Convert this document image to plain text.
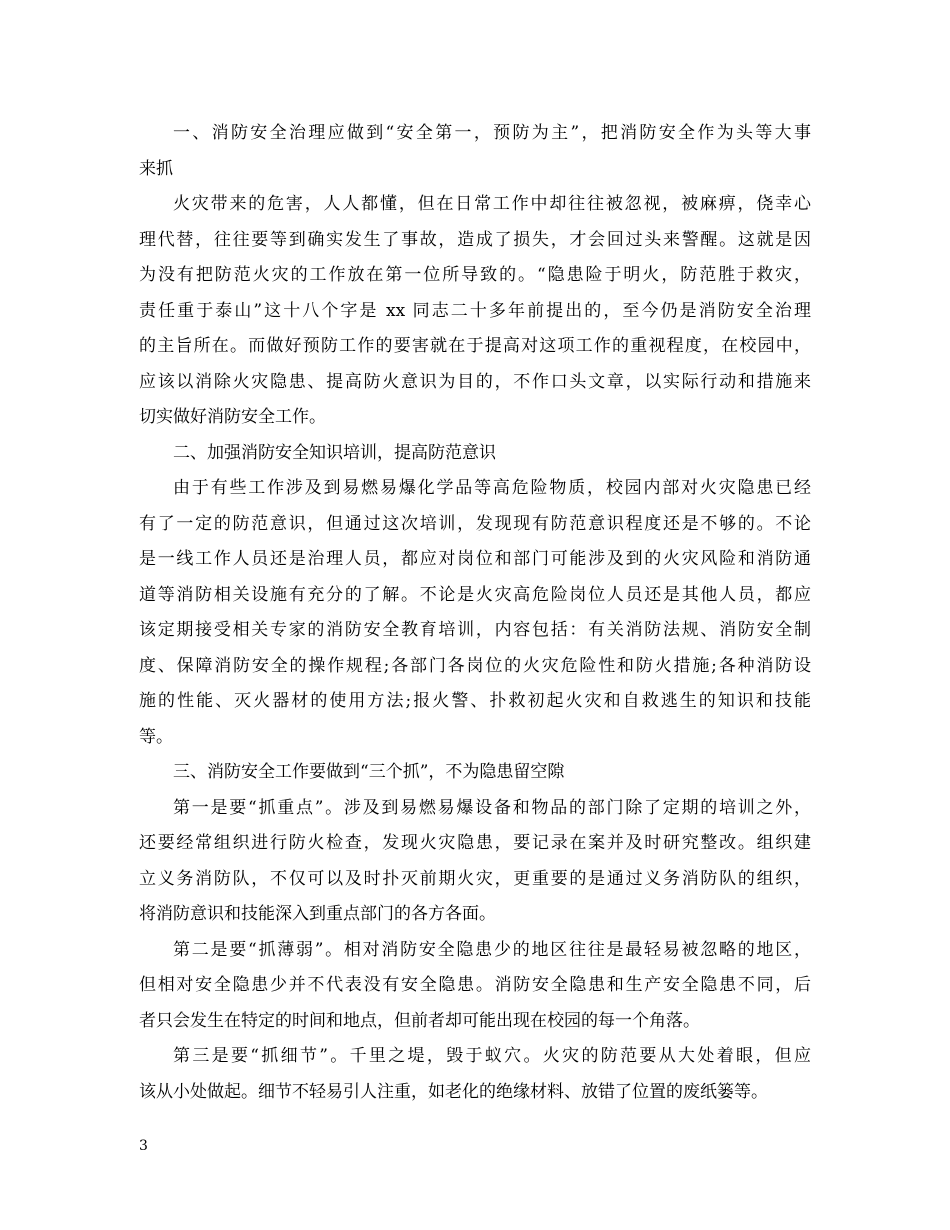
一、消防安全治理应做到“安全第一，预防为主”，把消防安全作为头等大事
来抓
火灾带来的危害，人人都懂，但在日常工作中却往往被忽视，被麻痹，侥幸心
理代替，往往要等到确实发生了事故，造成了损失，才会回过头来警醒。这就是因
为没有把防范火灾的工作放在第一位所导致的。“隐患险于明火，防范胜于救灾，
责任重于泰山”这十八个字是 xx 同志二十多年前提出的，至今仍是消防安全治理
的主旨所在。而做好预防工作的要害就在于提高对这项工作的重视程度，在校园中，
应该以消除火灾隐患、提高防火意识为目的，不作口头文章，以实际行动和措施来
切实做好消防安全工作。
二、加强消防安全知识培训，提高防范意识
由于有些工作涉及到易燃易爆化学品等高危险物质，校园内部对火灾隐患已经
有了一定的防范意识，但通过这次培训，发现现有防范意识程度还是不够的。不论
是一线工作人员还是治理人员，都应对岗位和部门可能涉及到的火灾风险和消防通
道等消防相关设施有充分的了解。不论是火灾高危险岗位人员还是其他人员，都应
该定期接受相关专家的消防安全教育培训，内容包括：有关消防法规、消防安全制
度、保障消防安全的操作规程;各部门各岗位的火灾危险性和防火措施;各种消防设
施的性能、灭火器材的使用方法;报火警、扑救初起火灾和自救逃生的知识和技能
等。
三、消防安全工作要做到“三个抓”，不为隐患留空隙
第一是要“抓重点”。涉及到易燃易爆设备和物品的部门除了定期的培训之外，
还要经常组织进行防火检查，发现火灾隐患，要记录在案并及时研究整改。组织建
立义务消防队，不仅可以及时扑灭前期火灾，更重要的是通过义务消防队的组织，
将消防意识和技能深入到重点部门的各方各面。
第二是要“抓薄弱”。相对消防安全隐患少的地区往往是最轻易被忽略的地区，
但相对安全隐患少并不代表没有安全隐患。消防安全隐患和生产安全隐患不同，后
者只会发生在特定的时间和地点，但前者却可能出现在校园的每一个角落。
第三是要“抓细节”。千里之堤，毁于蚁穴。火灾的防范要从大处着眼，但应
该从小处做起。细节不轻易引人注重，如老化的绝缘材料、放错了位置的废纸篓等。
3
